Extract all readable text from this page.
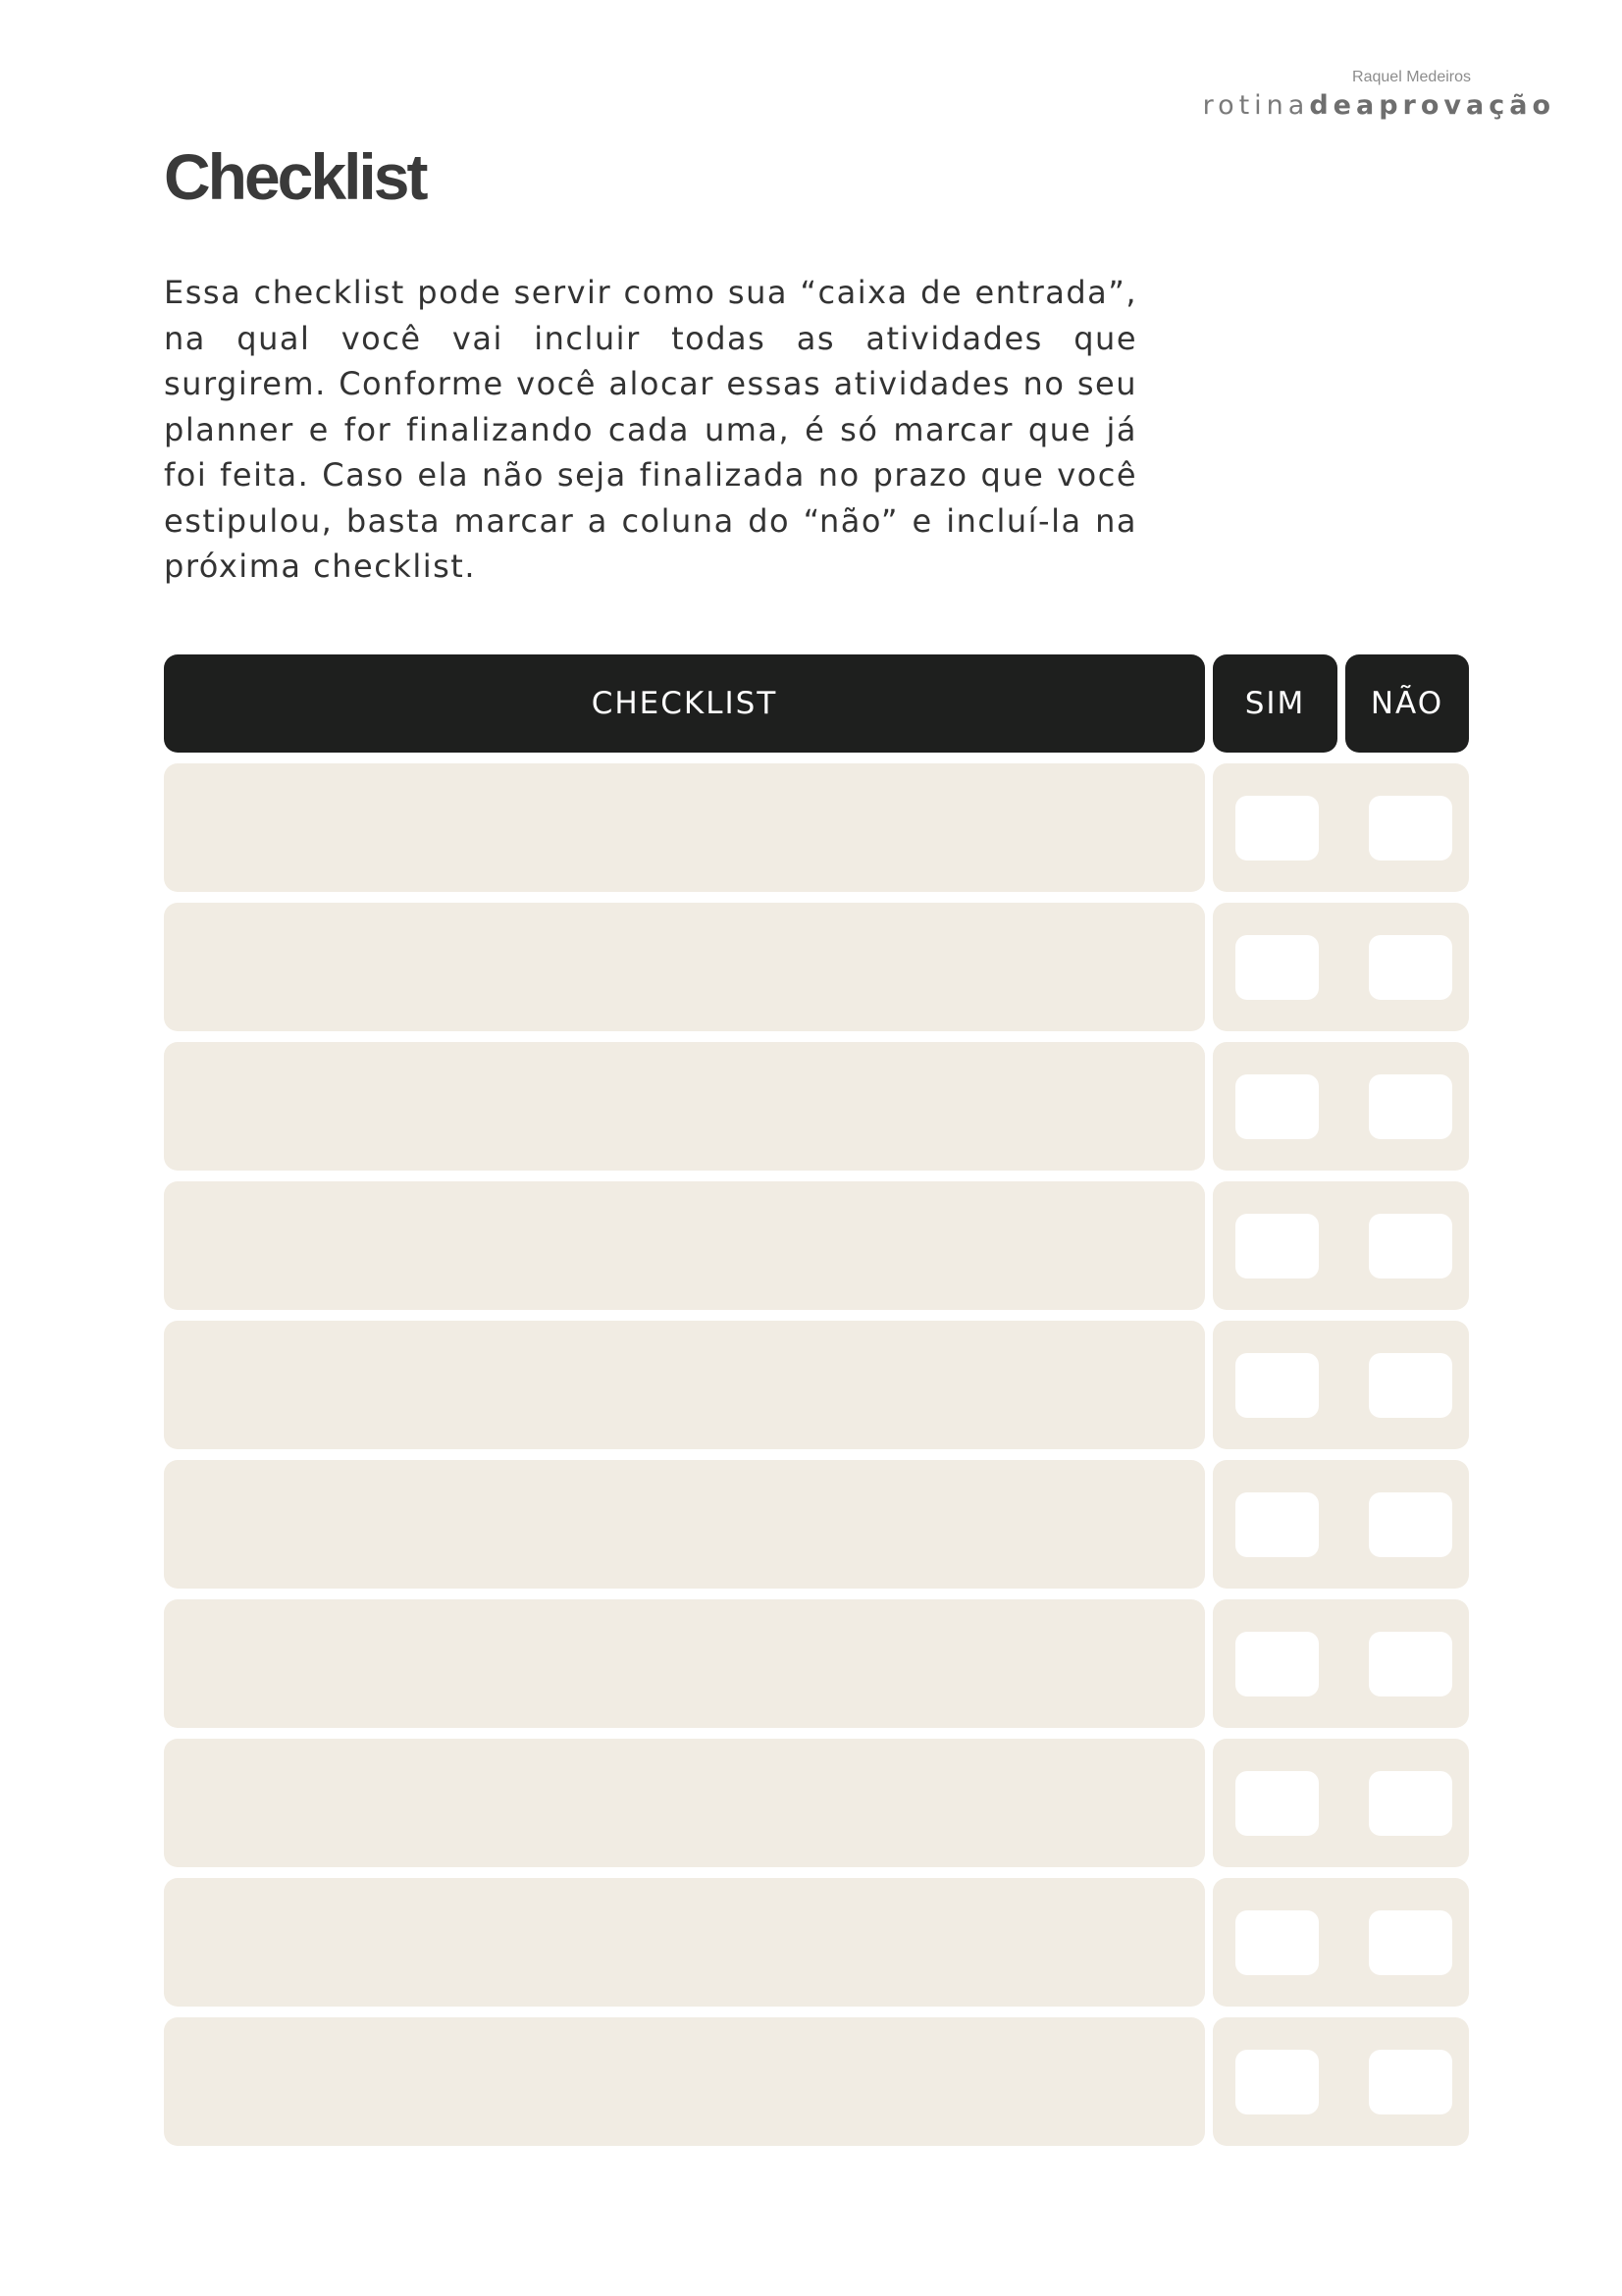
Raquel Medeiros
rotinadeaprovação
Checklist

Essa checklist pode servir como sua “caixa de entrada”, na qual você vai incluir todas as atividades que surgirem. Conforme você alocar essas atividades no seu planner e for finalizando cada uma, é só marcar que já foi feita. Caso ela não seja finalizada no prazo que você estipulou, basta marcar a coluna do “não” e incluí-la na próxima checklist.

CHECKLIST	SIM	NÃO
